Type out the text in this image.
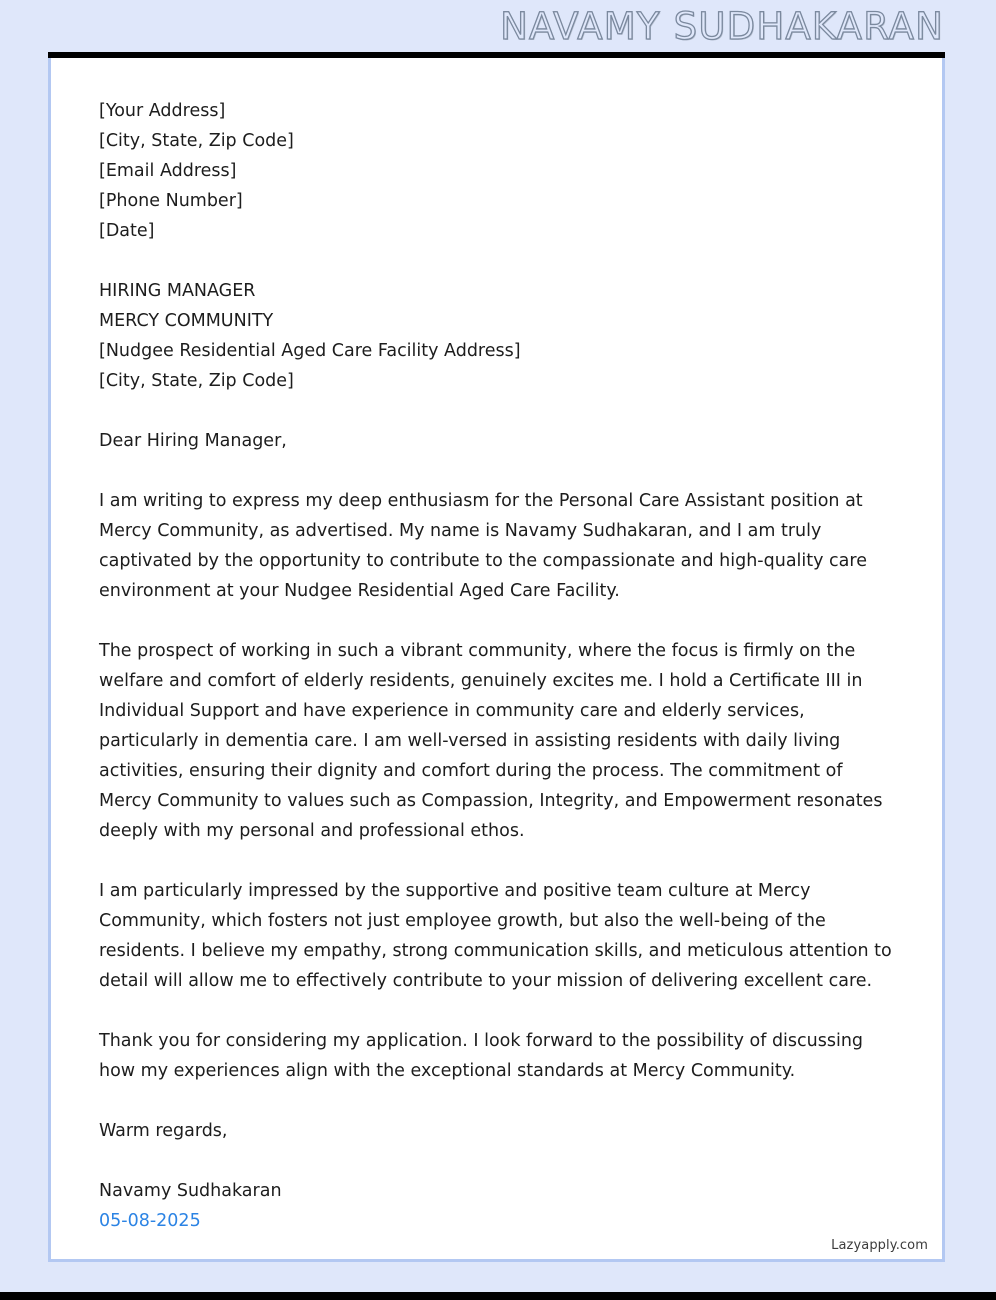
NAVAMY SUDHAKARAN
[Your Address]
[City, State, Zip Code]
[Email Address]
[Phone Number]
[Date]
HIRING MANAGER
MERCY COMMUNITY
[Nudgee Residential Aged Care Facility Address]
[City, State, Zip Code]
Dear Hiring Manager,

I am writing to express my deep enthusiasm for the Personal Care Assistant position at Mercy Community, as advertised. My name is Navamy Sudhakaran, and I am truly captivated by the opportunity to contribute to the compassionate and high-quality care environment at your Nudgee Residential Aged Care Facility.

The prospect of working in such a vibrant community, where the focus is firmly on the welfare and comfort of elderly residents, genuinely excites me. I hold a Certificate III in Individual Support and have experience in community care and elderly services, particularly in dementia care. I am well-versed in assisting residents with daily living activities, ensuring their dignity and comfort during the process. The commitment of Mercy Community to values such as Compassion, Integrity, and Empowerment resonates deeply with my personal and professional ethos.

I am particularly impressed by the supportive and positive team culture at Mercy Community, which fosters not just employee growth, but also the well-being of the residents. I believe my empathy, strong communication skills, and meticulous attention to detail will allow me to effectively contribute to your mission of delivering excellent care.

Thank you for considering my application. I look forward to the possibility of discussing how my experiences align with the exceptional standards at Mercy Community.

Warm regards,
Navamy Sudhakaran
05-08-2025
Lazyapply.com
